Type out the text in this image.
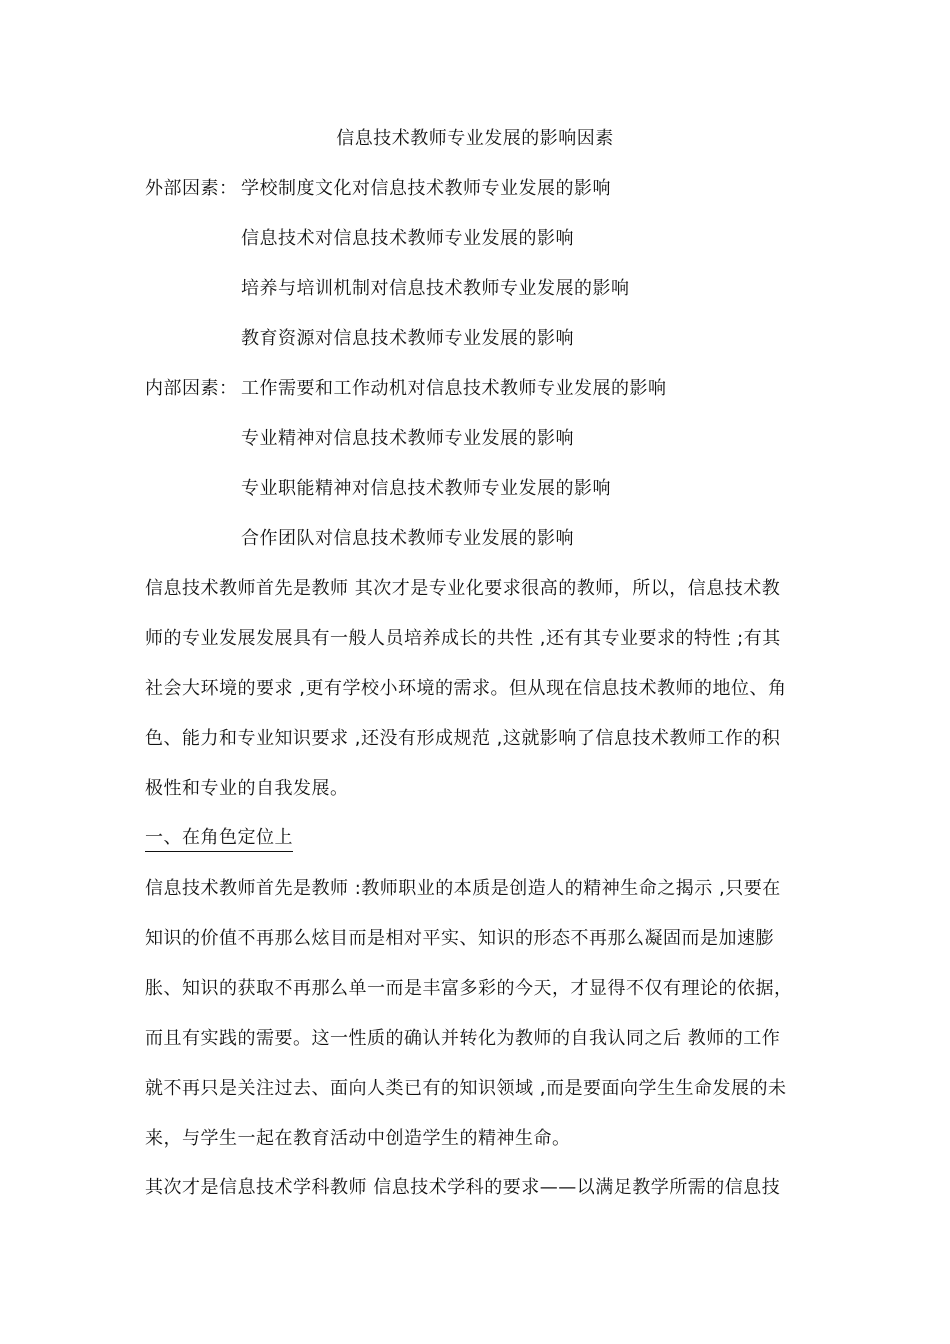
信息技术教师专业发展的影响因素
外部因素： 学校制度文化对信息技术教师专业发展的影响
信息技术对信息技术教师专业发展的影响
培养与培训机制对信息技术教师专业发展的影响
教育资源对信息技术教师专业发展的影响
内部因素： 工作需要和工作动机对信息技术教师专业发展的影响
专业精神对信息技术教师专业发展的影响
专业职能精神对信息技术教师专业发展的影响
合作团队对信息技术教师专业发展的影响
信息技术教师首先是教师 其次才是专业化要求很高的教师，所以，信息技术教
师的专业发展发展具有一般人员培养成长的共性 ,还有其专业要求的特性 ;有其
社会大环境的要求 ,更有学校小环境的需求。但从现在信息技术教师的地位、角
色、能力和专业知识要求 ,还没有形成规范 ,这就影响了信息技术教师工作的积
极性和专业的自我发展。
一、在角色定位上
信息技术教师首先是教师 :教师职业的本质是创造人的精神生命之揭示 ,只要在
知识的价值不再那么炫目而是相对平实、知识的形态不再那么凝固而是加速膨
胀、知识的获取不再那么单一而是丰富多彩的今天，才显得不仅有理论的依据，
而且有实践的需要。这一性质的确认并转化为教师的自我认同之后 教师的工作
就不再只是关注过去、面向人类已有的知识领域 ,而是要面向学生生命发展的未
来，与学生一起在教育活动中创造学生的精神生命。
其次才是信息技术学科教师 信息技术学科的要求——以满足教学所需的信息技
